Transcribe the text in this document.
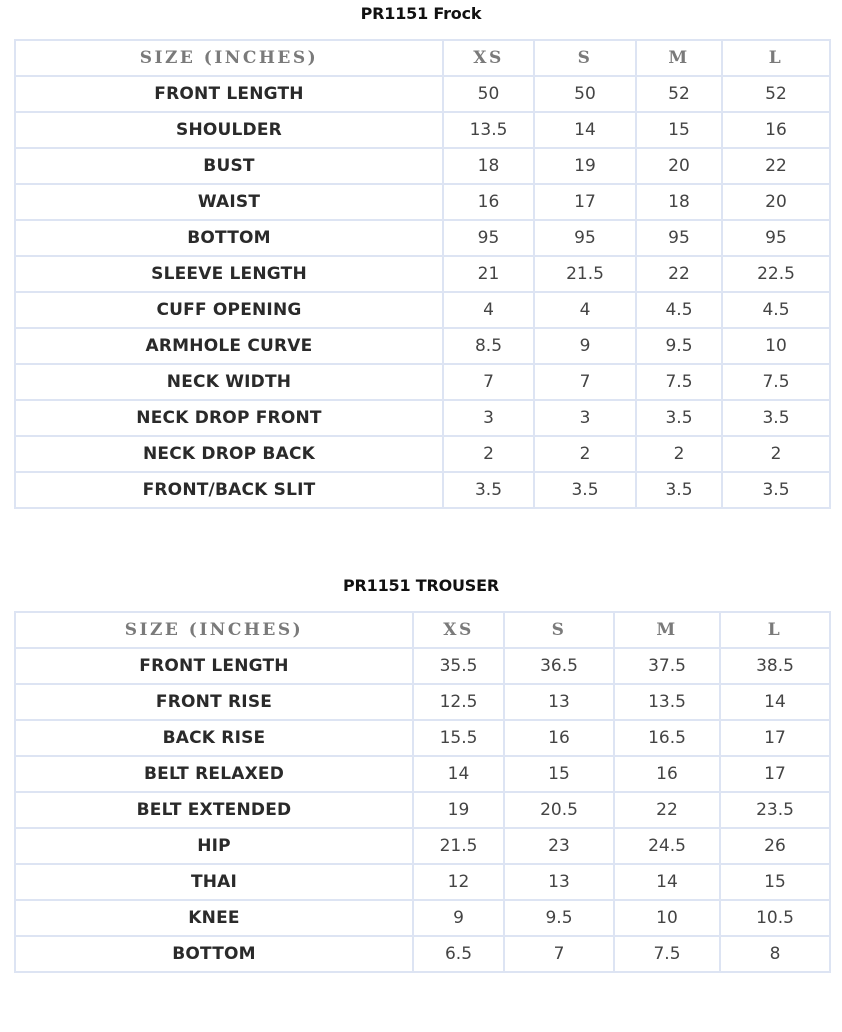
PR1151 Frock
SIZE (INCHES)	XS	S	M	L
FRONT LENGTH	50	50	52	52
SHOULDER	13.5	14	15	16
BUST	18	19	20	22
WAIST	16	17	18	20
BOTTOM	95	95	95	95
SLEEVE LENGTH	21	21.5	22	22.5
CUFF OPENING	4	4	4.5	4.5
ARMHOLE CURVE	8.5	9	9.5	10
NECK WIDTH	7	7	7.5	7.5
NECK DROP FRONT	3	3	3.5	3.5
NECK DROP BACK	2	2	2	2
FRONT/BACK SLIT	3.5	3.5	3.5	3.5
PR1151 TROUSER
SIZE (INCHES)	XS	S	M	L
FRONT LENGTH	35.5	36.5	37.5	38.5
FRONT RISE	12.5	13	13.5	14
BACK RISE	15.5	16	16.5	17
BELT RELAXED	14	15	16	17
BELT EXTENDED	19	20.5	22	23.5
HIP	21.5	23	24.5	26
THAI	12	13	14	15
KNEE	9	9.5	10	10.5
BOTTOM	6.5	7	7.5	8
